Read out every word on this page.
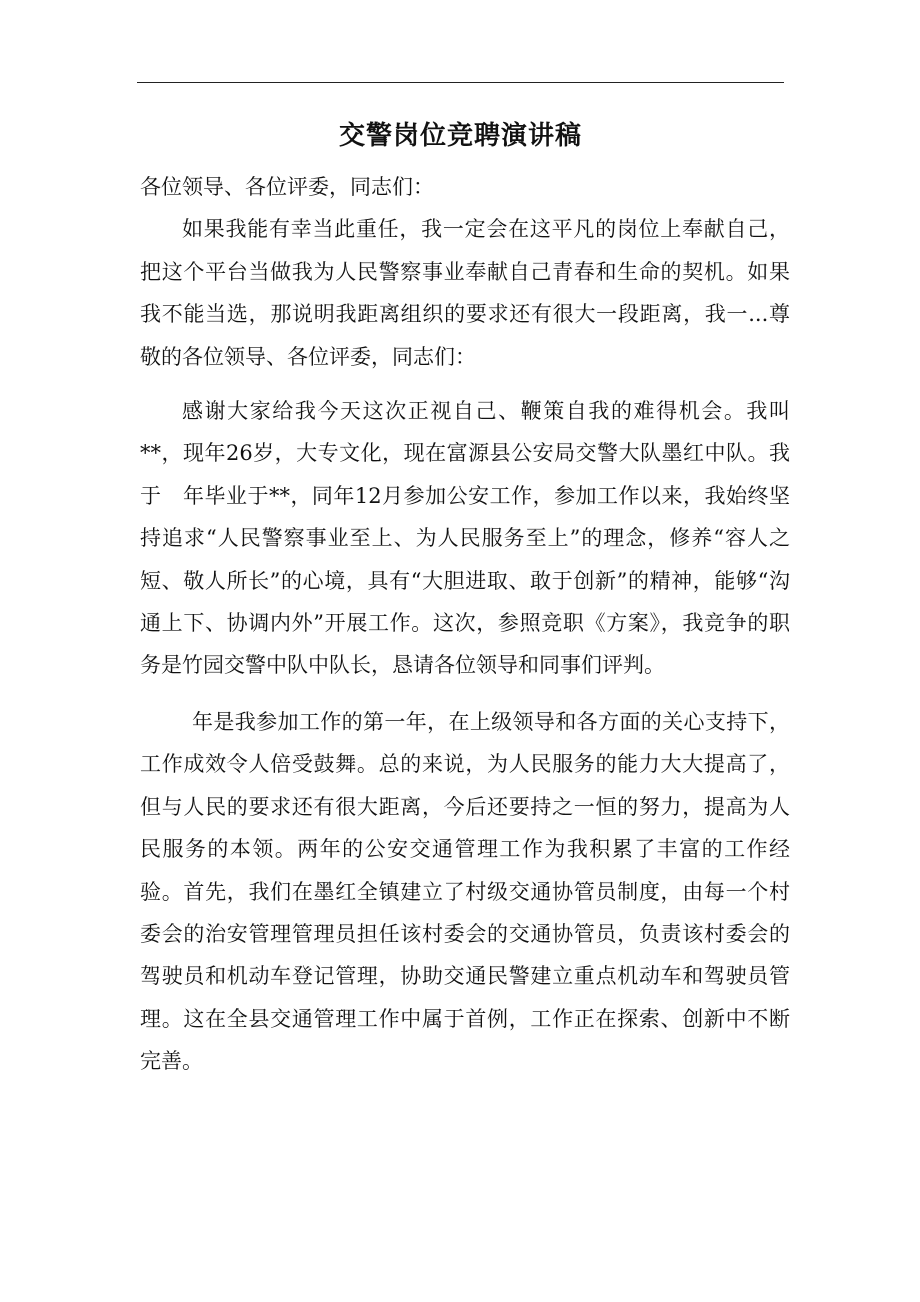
交警岗位竞聘演讲稿

各位领导、各位评委，同志们：

如果我能有幸当此重任，我一定会在这平凡的岗位上奉献自己，把这个平台当做我为人民警察事业奉献自己青春和生命的契机。如果我不能当选，那说明我距离组织的要求还有很大一段距离，我一...尊敬的各位领导、各位评委，同志们：

感谢大家给我今天这次正视自己、鞭策自我的难得机会。我叫**，现年26岁，大专文化，现在富源县公安局交警大队墨红中队。我于　年毕业于**，同年12月参加公安工作，参加工作以来，我始终坚持追求“人民警察事业至上、为人民服务至上”的理念，修养“容人之短、敬人所长”的心境，具有“大胆进取、敢于创新”的精神，能够“沟通上下、协调内外”开展工作。这次，参照竞职《方案》，我竞争的职务是竹园交警中队中队长，恳请各位领导和同事们评判。

年是我参加工作的第一年，在上级领导和各方面的关心支持下，工作成效令人倍受鼓舞。总的来说，为人民服务的能力大大提高了，但与人民的要求还有很大距离，今后还要持之一恒的努力，提高为人民服务的本领。两年的公安交通管理工作为我积累了丰富的工作经验。首先，我们在墨红全镇建立了村级交通协管员制度，由每一个村委会的治安管理管理员担任该村委会的交通协管员，负责该村委会的驾驶员和机动车登记管理，协助交通民警建立重点机动车和驾驶员管理。这在全县交通管理工作中属于首例，工作正在探索、创新中不断完善。
